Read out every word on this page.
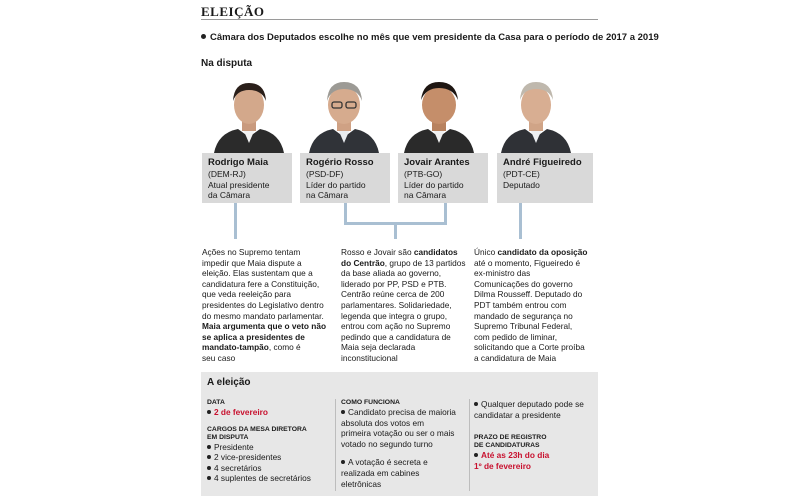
ELEIÇÃO
Câmara dos Deputados escolhe no mês que vem presidente da Casa para o período de 2017 a 2019
Na disputa
Rodrigo Maia
(DEM-RJ)
Atual presidente
da Câmara
Rogério Rosso
(PSD-DF)
Líder do partido
na Câmara
Jovair Arantes
(PTB-GO)
Líder do partido
na Câmara
André Figueiredo
(PDT-CE)
Deputado

Ações no Supremo tentam

impedir que Maia dispute a

eleição. Elas sustentam que a

candidatura fere a Constituição,

que veda reeleição para

presidentes do Legislativo dentro

do mesmo mandato parlamentar.

Maia argumenta que o veto não

se aplica a presidentes de

mandato-tampão, como é

seu caso

Rosso e Jovair são candidatos

do Centrão, grupo de 13 partidos

da base aliada ao governo,

liderado por PP, PSD e PTB.

Centrão reúne cerca de 200

parlamentares. Solidariedade,

legenda que integra o grupo,

entrou com ação no Supremo

pedindo que a candidatura de

Maia seja declarada

inconstitucional

Único candidato da oposição

até o momento, Figueiredo é

ex-ministro das

Comunicações do governo

Dilma Rousseff. Deputado do

PDT também entrou com

mandado de segurança no

Supremo Tribunal Federal,

com pedido de liminar,

solicitando que a Corte proíba

a candidatura de Maia

A eleição
DATA
2 de fevereiro
CARGOS DA MESA DIRETORA
EM DISPUTA
Presidente
2 vice-presidentes
4 secretários
4 suplentes de secretários
COMO FUNCIONA
Candidato precisa de maioria
absoluta dos votos em
primeira votação ou ser o mais
votado no segundo turno
A votação é secreta e
realizada em cabines
eletrônicas
Qualquer deputado pode se
candidatar a presidente
PRAZO DE REGISTRO
DE CANDIDATURAS
Até as 23h do dia
1º de fevereiro
